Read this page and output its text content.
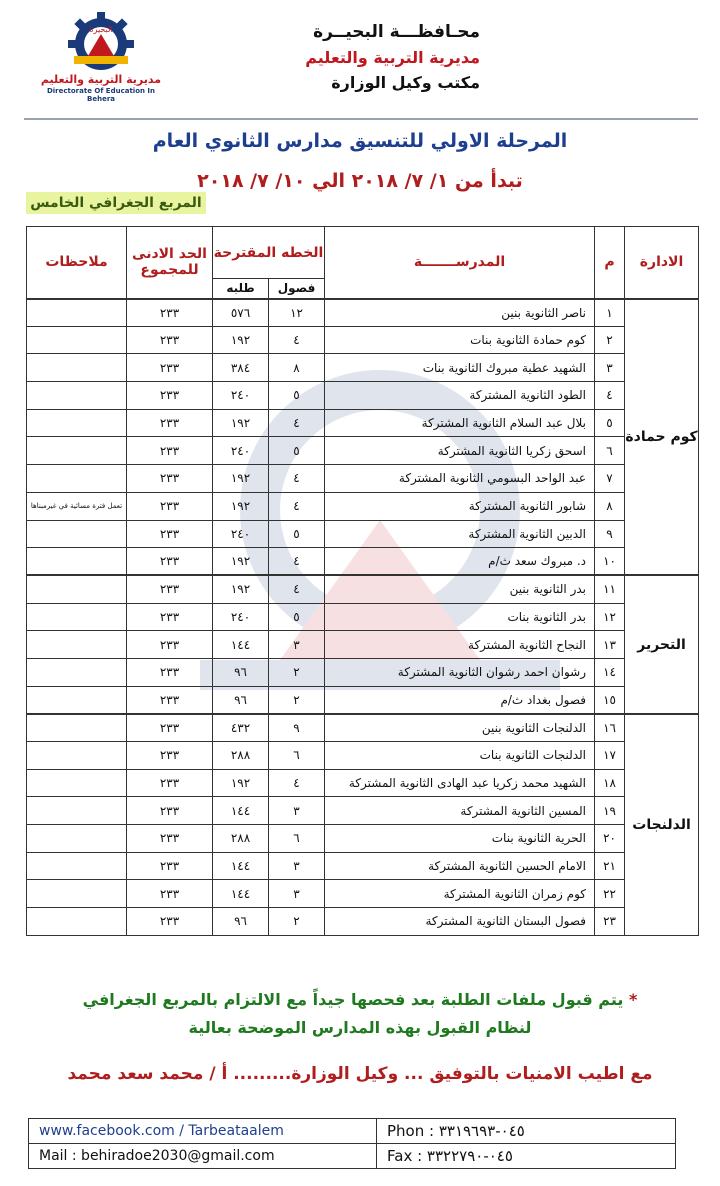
البحيرة
مديرية التربية والتعليم
Directorate Of Education In Behera
محـافظـــة البحيــرة
مديرية التربية والتعليم
مكتب وكيل الوزارة
المرحلة الاولي للتنسيق مدارس الثانوي العام
تبدأ من ١/ ٧/ ٢٠١٨ الي ١٠/ ٧/ ٢٠١٨
المربع الجغرافي الخامس
الادارة	م	المدرســـــــة	الخطه المقترحة		الحد الادنى للمجموع	ملاحظات
			فصول	طلبه		
كوم حمادة	١	ناصر الثانوية بنين	١٢	٥٧٦	٢٣٣	
	٢	كوم حمادة الثانوية بنات	٤	١٩٢	٢٣٣	
	٣	الشهيد عطية مبروك الثانوية بنات	٨	٣٨٤	٢٣٣	
	٤	الطود الثانوية المشتركة	٥	٢٤٠	٢٣٣	
	٥	بلال عبد السلام الثانوية المشتركة	٤	١٩٢	٢٣٣	
	٦	اسحق زكريا الثانوية المشتركة	٥	٢٤٠	٢٣٣	
	٧	عبد الواحد البسومي الثانوية المشتركة	٤	١٩٢	٢٣٣	
	٨	شابور الثانوية المشتركة	٤	١٩٢	٢٣٣	تعمل فترة مسائية في غيرمبناها
	٩	الدبين الثانوية المشتركة	٥	٢٤٠	٢٣٣	
	١٠	د. مبروك سعد ث/م	٤	١٩٢	٢٣٣	
التحرير	١١	بدر الثانوية بنين	٤	١٩٢	٢٣٣	
	١٢	بدر الثانوية بنات	٥	٢٤٠	٢٣٣	
	١٣	النجاح الثانوية المشتركة	٣	١٤٤	٢٣٣	
	١٤	رشوان احمد رشوان الثانوية المشتركة	٢	٩٦	٢٣٣	
	١٥	فصول بغداد ث/م	٢	٩٦	٢٣٣	
الدلنجات	١٦	الدلنجات الثانوية بنين	٩	٤٣٢	٢٣٣	
	١٧	الدلنجات الثانوية بنات	٦	٢٨٨	٢٣٣	
	١٨	الشهيد محمد زكريا عبد الهادى الثانوية المشتركة	٤	١٩٢	٢٣٣	
	١٩	المسين الثانوية المشتركة	٣	١٤٤	٢٣٣	
	٢٠	الحرية الثانوية بنات	٦	٢٨٨	٢٣٣	
	٢١	الامام الحسين الثانوية المشتركة	٣	١٤٤	٢٣٣	
	٢٢	كوم زمران الثانوية المشتركة	٣	١٤٤	٢٣٣	
	٢٣	فصول البستان الثانوية المشتركة	٢	٩٦	٢٣٣	
* يتم قبول ملفات الطلبة بعد فحصها جيداً مع الالتزام بالمربع الجغرافي
لنظام القبول بهذه المدارس الموضحة بعالية
مع اطيب الامنيات بالتوفيق ... وكيل الوزارة......... أ / محمد سعد محمد
www.facebook.com / Tarbeataalem	Phon : ٠٤٥-٣٣١٩٦٩٣
Mail : behiradoe2030@gmail.com	Fax : ٠٤٥-٣٣٢٢٧٩٠
